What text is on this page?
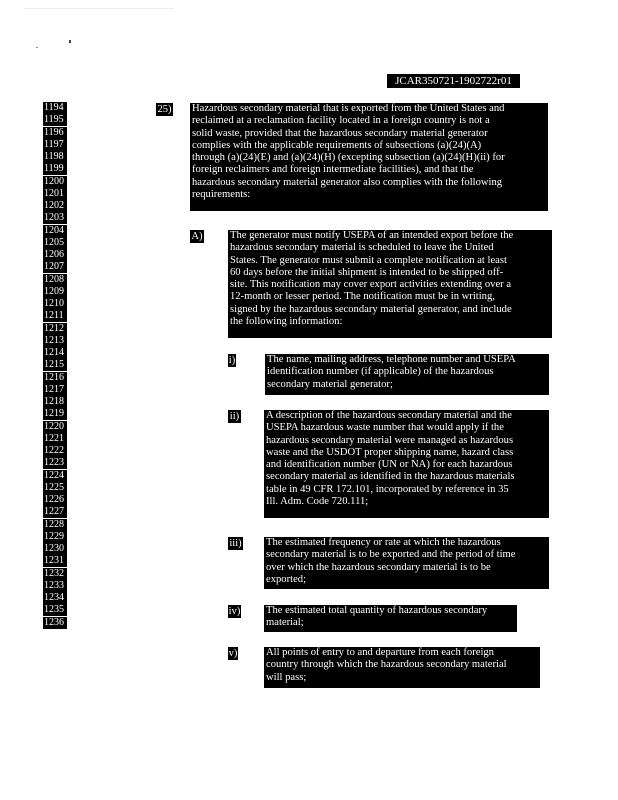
JCAR350721-1902722r01
1194
1195
1196
1197
1198
1199
1200
1201
1202
1203
1204
1205
1206
1207
1208
1209
1210
1211
1212
1213
1214
1215
1216
1217
1218
1219
1220
1221
1222
1223
1224
1225
1226
1227
1228
1229
1230
1231
1232
1233
1234
1235
1236
25) Hazardous secondary material that is exported from the United States and
reclaimed at a reclamation facility located in a foreign country is not a
solid waste, provided that the hazardous secondary material generator
complies with the applicable requirements of subsections (a)(24)(A)
through (a)(24)(E) and (a)(24)(H) (excepting subsection (a)(24)(H)(ii) for
foreign reclaimers and foreign intermediate facilities), and that the
hazardous secondary material generator also complies with the following
requirements:
A)	The generator must notify USEPA of an intended export before the
hazardous secondary material is scheduled to leave the United
States. The generator must submit a complete notification at least
60 days before the initial shipment is intended to be shipped off-
site. This notification may cover export activities extending over a
12-month or lesser period. The notification must be in writing,
signed by the hazardous secondary material generator, and include
the following information:
i)	The name, mailing address, telephone number and USEPA
identification number (if applicable) of the hazardous
secondary material generator;
ii)	A description of the hazardous secondary material and the
USEPA hazardous waste number that would apply if the
hazardous secondary material were managed as hazardous
waste and the USDOT proper shipping name, hazard class
and identification number (UN or NA) for each hazardous
secondary material as identified in the hazardous materials
table in 49 CFR 172.101, incorporated by reference in 35
Ill. Adm. Code 720.111;
iii) The estimated frequency or rate at which the hazardous
secondary material is to be exported and the period of time
over which the hazardous secondary material is to be
exported;
iv) The estimated total quantity of hazardous secondary
material;
v)	All points of entry to and departure from each foreign
country through which the hazardous secondary material
will pass;
